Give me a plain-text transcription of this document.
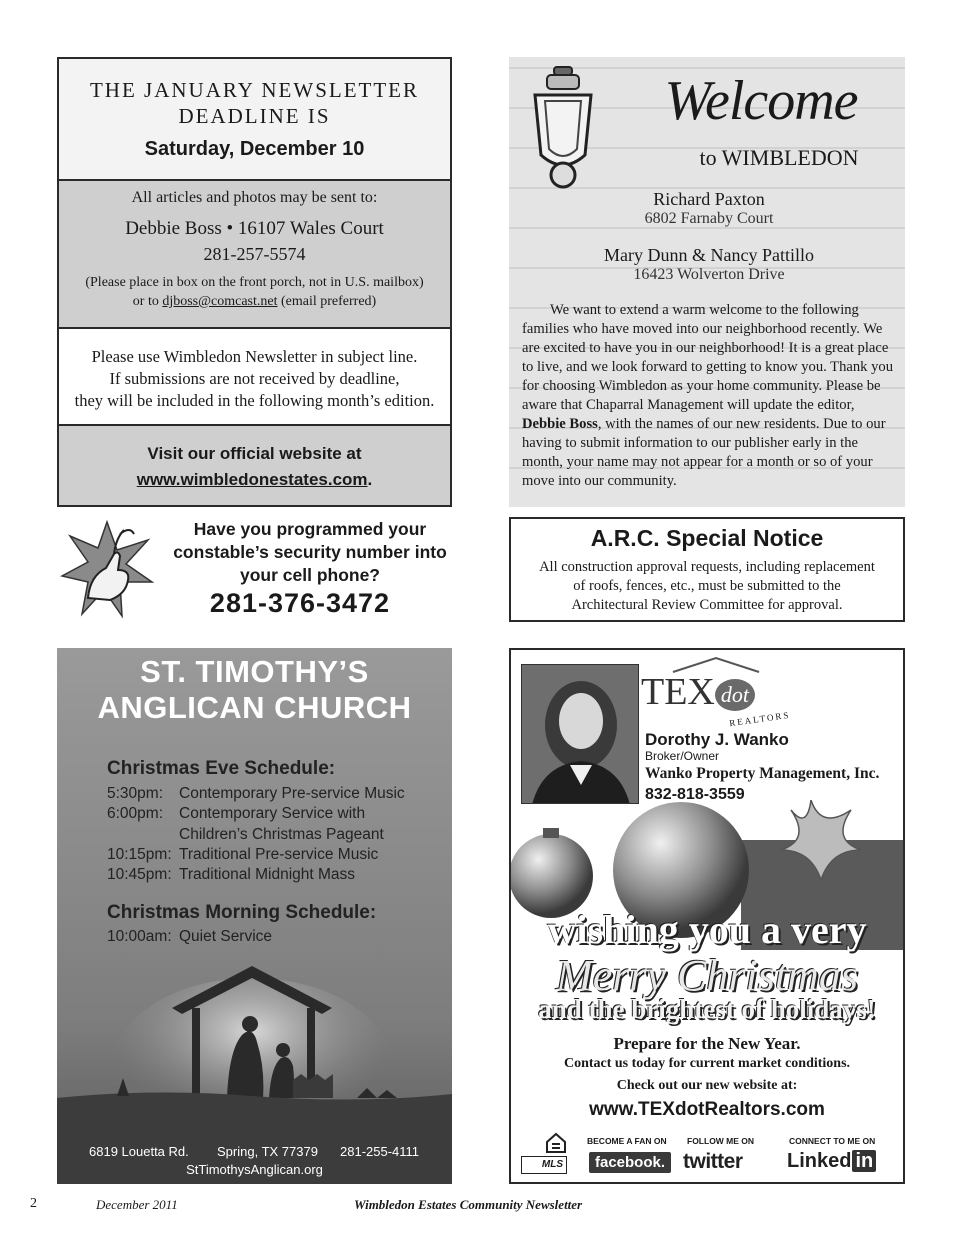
THE JANUARY NEWSLETTER
DEADLINE IS
Saturday, December 10
All articles and photos may be sent to:
Debbie Boss • 16107 Wales Court
281-257-5574
(Please place in box on the front porch, not in U.S. mailbox)
or to djboss@comcast.net (email preferred)
Please use Wimbledon Newsletter in subject line.
If submissions are not received by deadline,
they will be included in the following month’s edition.
Visit our official website at
www.wimbledonestates.com.
Welcome
to WIMBLEDON
Richard Paxton
6802 Farnaby Court
Mary Dunn & Nancy Pattillo
16423 Wolverton Drive
We want to extend a warm welcome to the following families who have moved into our neighborhood recently. We are excited to have you in our neighborhood! It is a great place to live, and we look forward to getting to know you. Thank you for choosing Wimbledon as your home community. Please be aware that Chaparral Management will update the editor, Debbie Boss, with the names of our new residents. Due to our having to submit information to our publisher early in the month, your name may not appear for a month or so of your move into our community.
Have you programmed your
constable’s security number into
your cell phone?
281-376-3472
A.R.C. Special Notice
All construction approval requests, including replacement
of roofs, fences, etc., must be submitted to the
Architectural Review Committee for approval.
ST. TIMOTHY’S
ANGLICAN CHURCH
Christmas Eve Schedule:
5:30pm: Contemporary Pre-service Music
6:00pm: Contemporary Service with
Children’s Christmas Pageant
10:15pm: Traditional Pre-service Music
10:45pm: Traditional Midnight Mass
Christmas Morning Schedule:
10:00am: Quiet Service
6819 Louetta Rd. Spring, TX 77379 281-255-4111
StTimothysAnglican.org
TEX dot
REALTORS
Dorothy J. Wanko
Broker/Owner
Wanko Property Management, Inc.
832-818-3559
wishing you a very
Merry Christmas
and the brightest of holidays!
Prepare for the New Year.
Contact us today for current market conditions.
Check out our new website at:
www.TEXdotRealtors.com
MLS
BECOME A FAN ON FOLLOW ME ON	CONNECT TO ME ON
facebook. twitter Linked in
2	December 2011	Wimbledon Estates Community Newsletter
